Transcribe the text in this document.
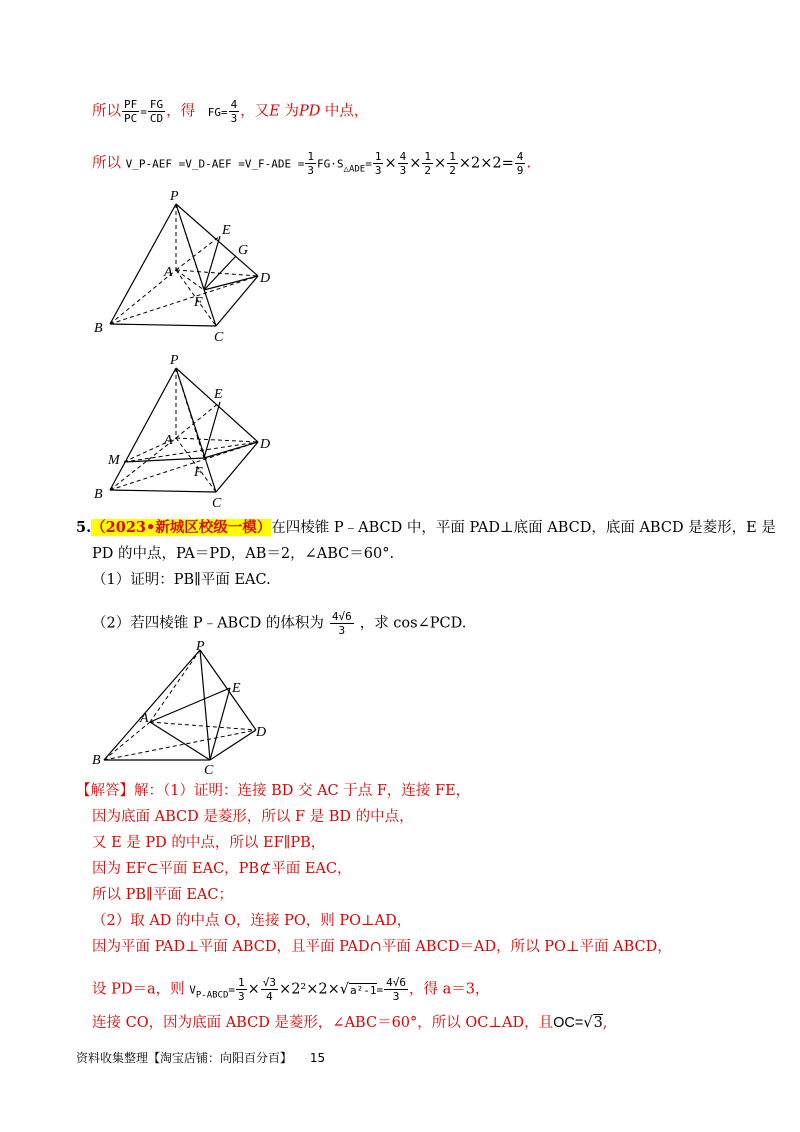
所以 $\frac{PF}{PC} = \frac{FG}{CD}$ ，得 $FG= \frac{4}{3}$ ，又E 为PD 中点，
所以 V_P-AEF =V_D-AEF =V_F-ADE = $\frac{1}{3} FG\cdot S_{\triangle ADE}= \frac{1}{3} \times \frac{4}{3} \times \frac{1}{2} \times \frac{1}{2} \times 2\times 2= \frac{4}{9}$ .
P
E
G
A	D
F
B
C
P
E
A	D
M
F
B
C
5.（2023•新城区校级一模）在四棱锥 P﹣ABCD 中，平面 PAD⊥底面 ABCD，底面 ABCD 是菱形，E 是
PD 的中点，PA＝PD，AB＝2，∠ABC＝60°.
（1）证明：PB∥平面 EAC.
（2）若四棱锥 P﹣ABCD 的体积为 $\frac{4√6}{3}$ ，求 cos∠PCD.
P
E
A
D
B
C
【解答】解：（1）证明：连接 BD 交 AC 于点 F，连接 FE，
因为底面 ABCD 是菱形，所以 F 是 BD 的中点，
又 E 是 PD 的中点，所以 EF∥PB，
因为 EF⊂平面 EAC，PB⊄平面 EAC，
所以 PB∥平面 EAC；
（2）取 AD 的中点 O，连接 PO，则 PO⊥AD，
因为平面 PAD⊥平面 ABCD，且平面 PAD∩平面 ABCD＝AD，所以 PO⊥平面 ABCD，
设 PD＝a，则 $V_{P-ABCD}= \frac{1}{3} \times \frac{√3}{4} \times 2^2\times 2\times√a^2-1= \frac{4√6}{3}$ ，得 a＝3，
连接 CO，因为底面 ABCD 是菱形，∠ABC＝60°，所以 OC⊥AD，且OC=√3,
资料收集整理【淘宝店铺：向阳百分百】 15
